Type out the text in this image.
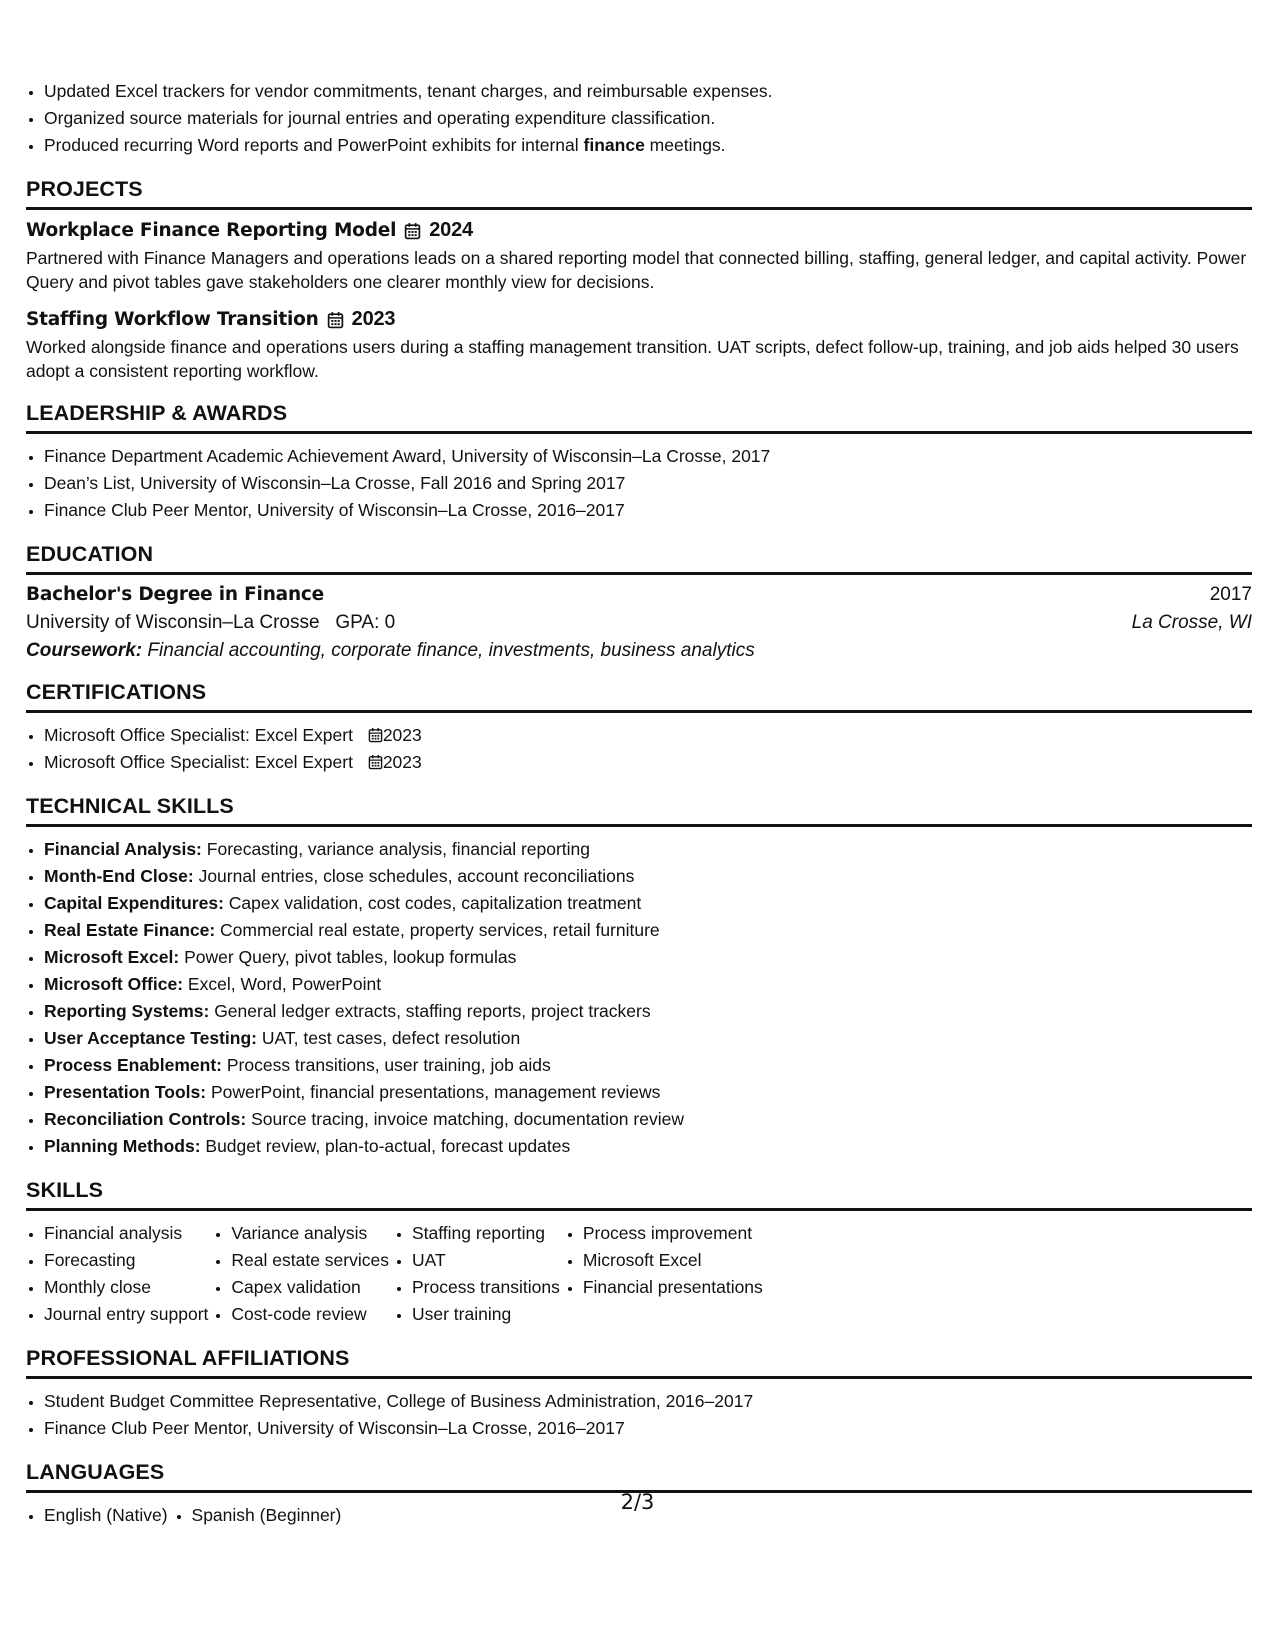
• Updated Excel trackers for vendor commitments, tenant charges, and reimbursable expenses.
• Organized source materials for journal entries and operating expenditure classification.
• Produced recurring Word reports and PowerPoint exhibits for internal finance meetings.
PROJECTS
Workplace Finance Reporting Model 2024
Partnered with Finance Managers and operations leads on a shared reporting model that connected billing, staffing, general ledger, and capital activity. Power Query and pivot tables gave stakeholders one clearer monthly view for decisions.
Staffing Workflow Transition 2023
Worked alongside finance and operations users during a staffing management transition. UAT scripts, defect follow-up, training, and job aids helped 30 users adopt a consistent reporting workflow.
LEADERSHIP & AWARDS
• Finance Department Academic Achievement Award, University of Wisconsin–La Crosse, 2017
• Dean’s List, University of Wisconsin–La Crosse, Fall 2016 and Spring 2017
• Finance Club Peer Mentor, University of Wisconsin–La Crosse, 2016–2017
EDUCATION
Bachelor's Degree in Finance	2017
University of Wisconsin–La Crosse GPA: 0	La Crosse, WI
Coursework: Financial accounting, corporate finance, investments, business analytics
CERTIFICATIONS
• Microsoft Office Specialist: Excel Expert 2023
• Microsoft Office Specialist: Excel Expert 2023
TECHNICAL SKILLS
• Financial Analysis: Forecasting, variance analysis, financial reporting
• Month-End Close: Journal entries, close schedules, account reconciliations
• Capital Expenditures: Capex validation, cost codes, capitalization treatment
• Real Estate Finance: Commercial real estate, property services, retail furniture
• Microsoft Excel: Power Query, pivot tables, lookup formulas
• Microsoft Office: Excel, Word, PowerPoint
• Reporting Systems: General ledger extracts, staffing reports, project trackers
• User Acceptance Testing: UAT, test cases, defect resolution
• Process Enablement: Process transitions, user training, job aids
• Presentation Tools: PowerPoint, financial presentations, management reviews
• Reconciliation Controls: Source tracing, invoice matching, documentation review
• Planning Methods: Budget review, plan-to-actual, forecast updates
SKILLS
• Financial analysis
• Forecasting
• Monthly close
• Journal entry support
• Variance analysis
• Real estate services
• Capex validation
• Cost-code review
• Staffing reporting
• UAT
• Process transitions
• User training
• Process improvement
• Microsoft Excel
• Financial presentations
PROFESSIONAL AFFILIATIONS
• Student Budget Committee Representative, College of Business Administration, 2016–2017
• Finance Club Peer Mentor, University of Wisconsin–La Crosse, 2016–2017
LANGUAGES
• English (Native)
• Spanish (Beginner)
2/3
